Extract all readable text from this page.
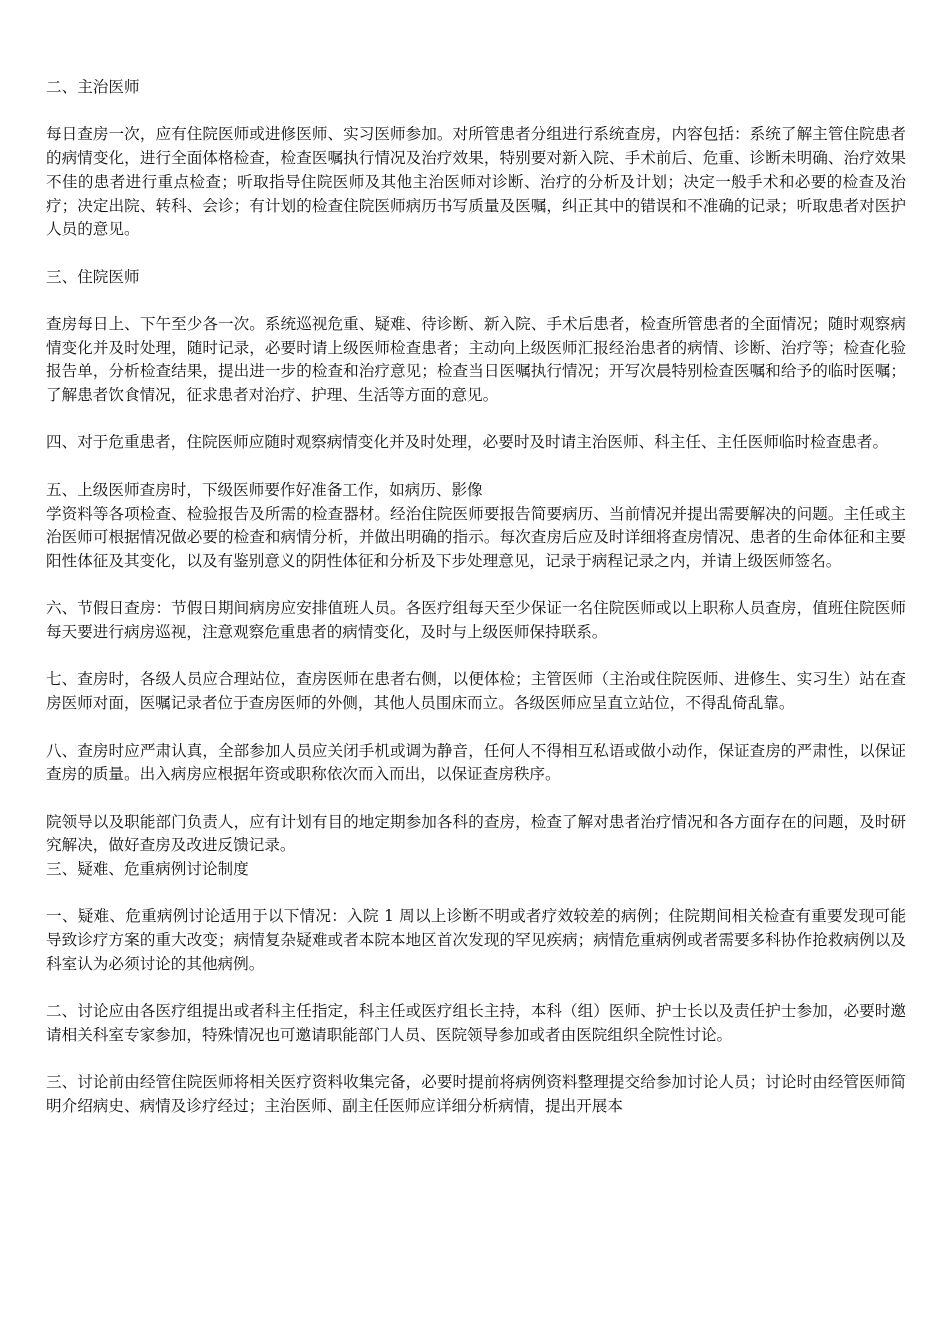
二、主治医师

每日查房一次，应有住院医师或进修医师、实习医师参加。对所管患者分组进行系统查房，内容包括：系统了解主管住院患者的病情变化，进行全面体格检查，检查医嘱执行情况及治疗效果，特别要对新入院、手术前后、危重、诊断未明确、治疗效果不佳的患者进行重点检查；听取指导住院医师及其他主治医师对诊断、治疗的分析及计划；决定一般手术和必要的检查及治疗；决定出院、转科、会诊；有计划的检查住院医师病历书写质量及医嘱，纠正其中的错误和不准确的记录；听取患者对医护人员的意见。

三、住院医师

查房每日上、下午至少各一次。系统巡视危重、疑难、待诊断、新入院、手术后患者，检查所管患者的全面情况；随时观察病情变化并及时处理，随时记录，必要时请上级医师检查患者；主动向上级医师汇报经治患者的病情、诊断、治疗等；检查化验报告单，分析检查结果，提出进一步的检查和治疗意见；检查当日医嘱执行情况；开写次晨特别检查医嘱和给予的临时医嘱；了解患者饮食情况，征求患者对治疗、护理、生活等方面的意见。

四、对于危重患者，住院医师应随时观察病情变化并及时处理，必要时及时请主治医师、科主任、主任医师临时检查患者。

五、上级医师查房时，下级医师要作好准备工作，如病历、影像
学资料等各项检查、检验报告及所需的检查器材。经治住院医师要报告简要病历、当前情况并提出需要解决的问题。主任或主治医师可根据情况做必要的检查和病情分析，并做出明确的指示。每次查房后应及时详细将查房情况、患者的生命体征和主要阳性体征及其变化，以及有鉴别意义的阴性体征和分析及下步处理意见，记录于病程记录之内，并请上级医师签名。

六、节假日查房：节假日期间病房应安排值班人员。各医疗组每天至少保证一名住院医师或以上职称人员查房，值班住院医师每天要进行病房巡视，注意观察危重患者的病情变化，及时与上级医师保持联系。

七、查房时，各级人员应合理站位，查房医师在患者右侧，以便体检；主管医师（主治或住院医师、进修生、实习生）站在查房医师对面，医嘱记录者位于查房医师的外侧，其他人员围床而立。各级医师应呈直立站位，不得乱倚乱靠。

八、查房时应严肃认真，全部参加人员应关闭手机或调为静音，任何人不得相互私语或做小动作，保证查房的严肃性，以保证查房的质量。出入病房应根据年资或职称依次而入而出，以保证查房秩序。

院领导以及职能部门负责人，应有计划有目的地定期参加各科的查房，检查了解对患者治疗情况和各方面存在的问题，及时研究解决，做好查房及改进反馈记录。

三、疑难、危重病例讨论制度

一、疑难、危重病例讨论适用于以下情况：入院 1 周以上诊断不明或者疗效较差的病例；住院期间相关检查有重要发现可能导致诊疗方案的重大改变；病情复杂疑难或者本院本地区首次发现的罕见疾病；病情危重病例或者需要多科协作抢救病例以及科室认为必须讨论的其他病例。

二、讨论应由各医疗组提出或者科主任指定，科主任或医疗组长主持，本科（组）医师、护士长以及责任护士参加，必要时邀请相关科室专家参加，特殊情况也可邀请职能部门人员、医院领导参加或者由医院组织全院性讨论。

三、讨论前由经管住院医师将相关医疗资料收集完备，必要时提前将病例资料整理提交给参加讨论人员；讨论时由经管医师简明介绍病史、病情及诊疗经过；主治医师、副主任医师应详细分析病情，提出开展本
